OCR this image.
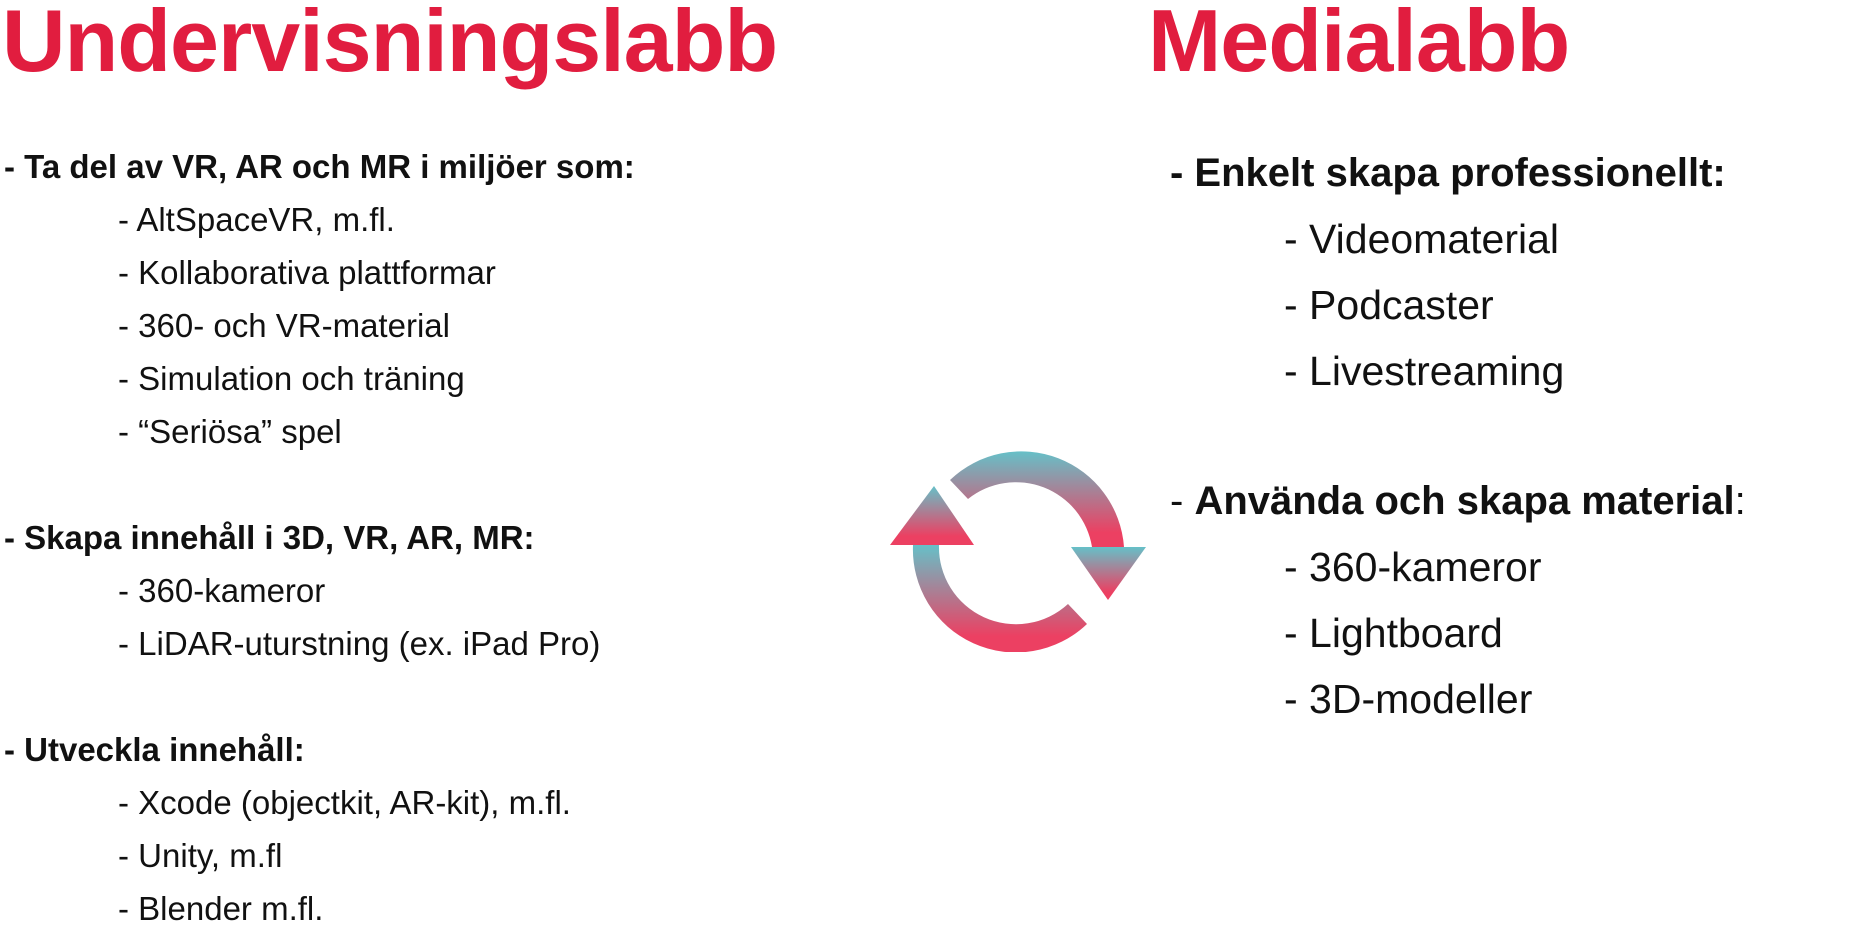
Undervisningslabb	Medialabb
- Ta del av VR, AR och MR i miljöer som:
- AltSpaceVR, m.fl.
- Kollaborativa plattformar
- 360- och VR-material
- Simulation och träning
- “Seriösa” spel
- Skapa innehåll i 3D, VR, AR, MR:
- 360-kameror
- LiDAR-uturstning (ex. iPad Pro)
- Utveckla innehåll:
- Xcode (objectkit, AR-kit), m.fl.
- Unity, m.fl
- Blender m.fl.
- Enkelt skapa professionellt:
- Videomaterial
- Podcaster
- Livestreaming
- Använda och skapa material:
- 360-kameror
- Lightboard
- 3D-modeller
